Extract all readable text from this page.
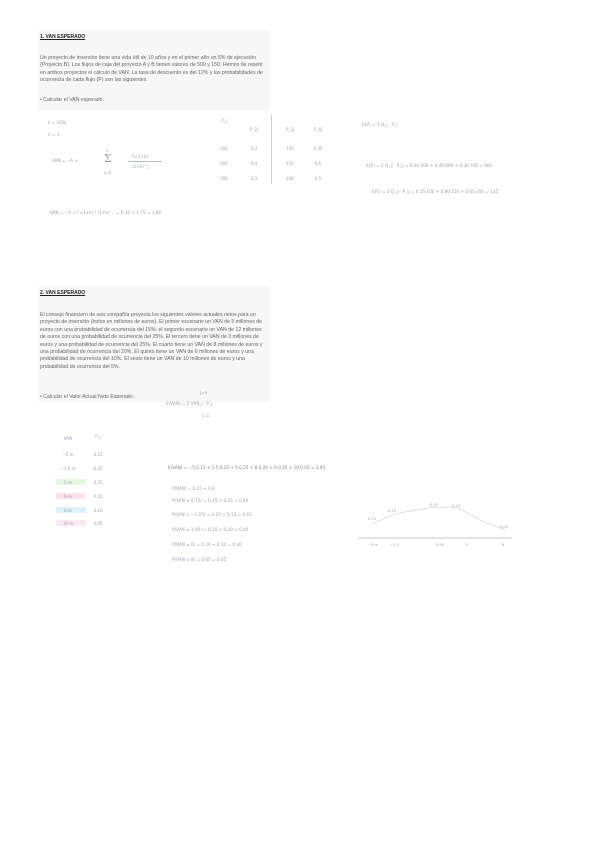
1. VAN ESPERADO
Un proyecto de inversión tiene una vida útil de 10 años y en el primer año un 5% de ejecución (Proyecto B). Los flujos de caja del proyecto A y B tienen valores de 500 y 150. Hemos de repetir en ambos proyectos el cálculo de VAN. La tasa de descuento es del 12% y las probabilidades de ocurrencia de cada flujo (P) son las siguientes.
• Calcular el VAN esperado.
k = 10%
n = 1
VAN = −A + Σ
n
j=1
F₁(1+k)
(1+k)^j
VAN = −A + F₁(1+k) / (1+k) … = 0,30 + 1,75 = 1,80
P_j
P_2j	P_3j	P_4j
500	0,3	100	0,35
600	0,4	150	0,6
700	0,3	200	0,5
E(Ṽ) = Σ Q_j · P_j
E(Ṽ) = Σ Q_ij · P_ij = 0,30·500 + 0,40·600 + 0,30·700 = 600
E(Ṽ) = Σ Q_ij · P_ij = 0,35·100 + 0,60·150 + 0,05·200 = 135
2. VAN ESPERADO
El consejo financiero de una compañía proyecta los siguientes valores actuales netos para un proyecto de inversión (todos en millones de euros). El primer escenario un VAN de 5 millones de euros con una probabilidad de ocurrencia del 15%; el segundo escenario un VAN de 12 millones de euros con una probabilidad de ocurrencia del 25%. El tercero tiene un VAN de 3 millones de euros y una probabilidad de ocurrencia del 25%. El cuarto tiene un VAN de 8 millones de euros y una probabilidad de ocurrencia del 20%. El quinto tiene un VAN de 6 millones de euros y una probabilidad de ocurrencia del 10%. El sexto tiene un VAN de 10 millones de euros y una probabilidad de ocurrencia del 5%.
• Calcular el Valor Actual Neto Esperado.
VAN	P_j
−5 m	0,15
−1,5 m	0,25
5 m	0,25
8 m	0,20
6 m	0,10
10 m	0,05
E(VAN) = Σ VAN_j · P_j
j=n
j=1
E(VAN) = −5·0,15 + 1,5·0,25 + 5·0,25 + 8·0,20 + 6·0,10 + 10·0,05 = 3,95
P(VAN) = 0,15 + 0,8
P(VAN ≥ 0,75) = 0,15 + 0,25 = 0,40
P(VAN > −1,25) = 0,25 + 0,15 = 0,65
P(VAN ≥ 3,95) = 0,25 + 0,20 = 0,45
P(VAN ≥ 6) = 0,20 + 0,10 = 0,30
P(VAN ≥ 8) = 0,05 = 0,05
0,15
0,25
0,25	0,20
0,05
−5 m	−1,5	3,95	5	8
